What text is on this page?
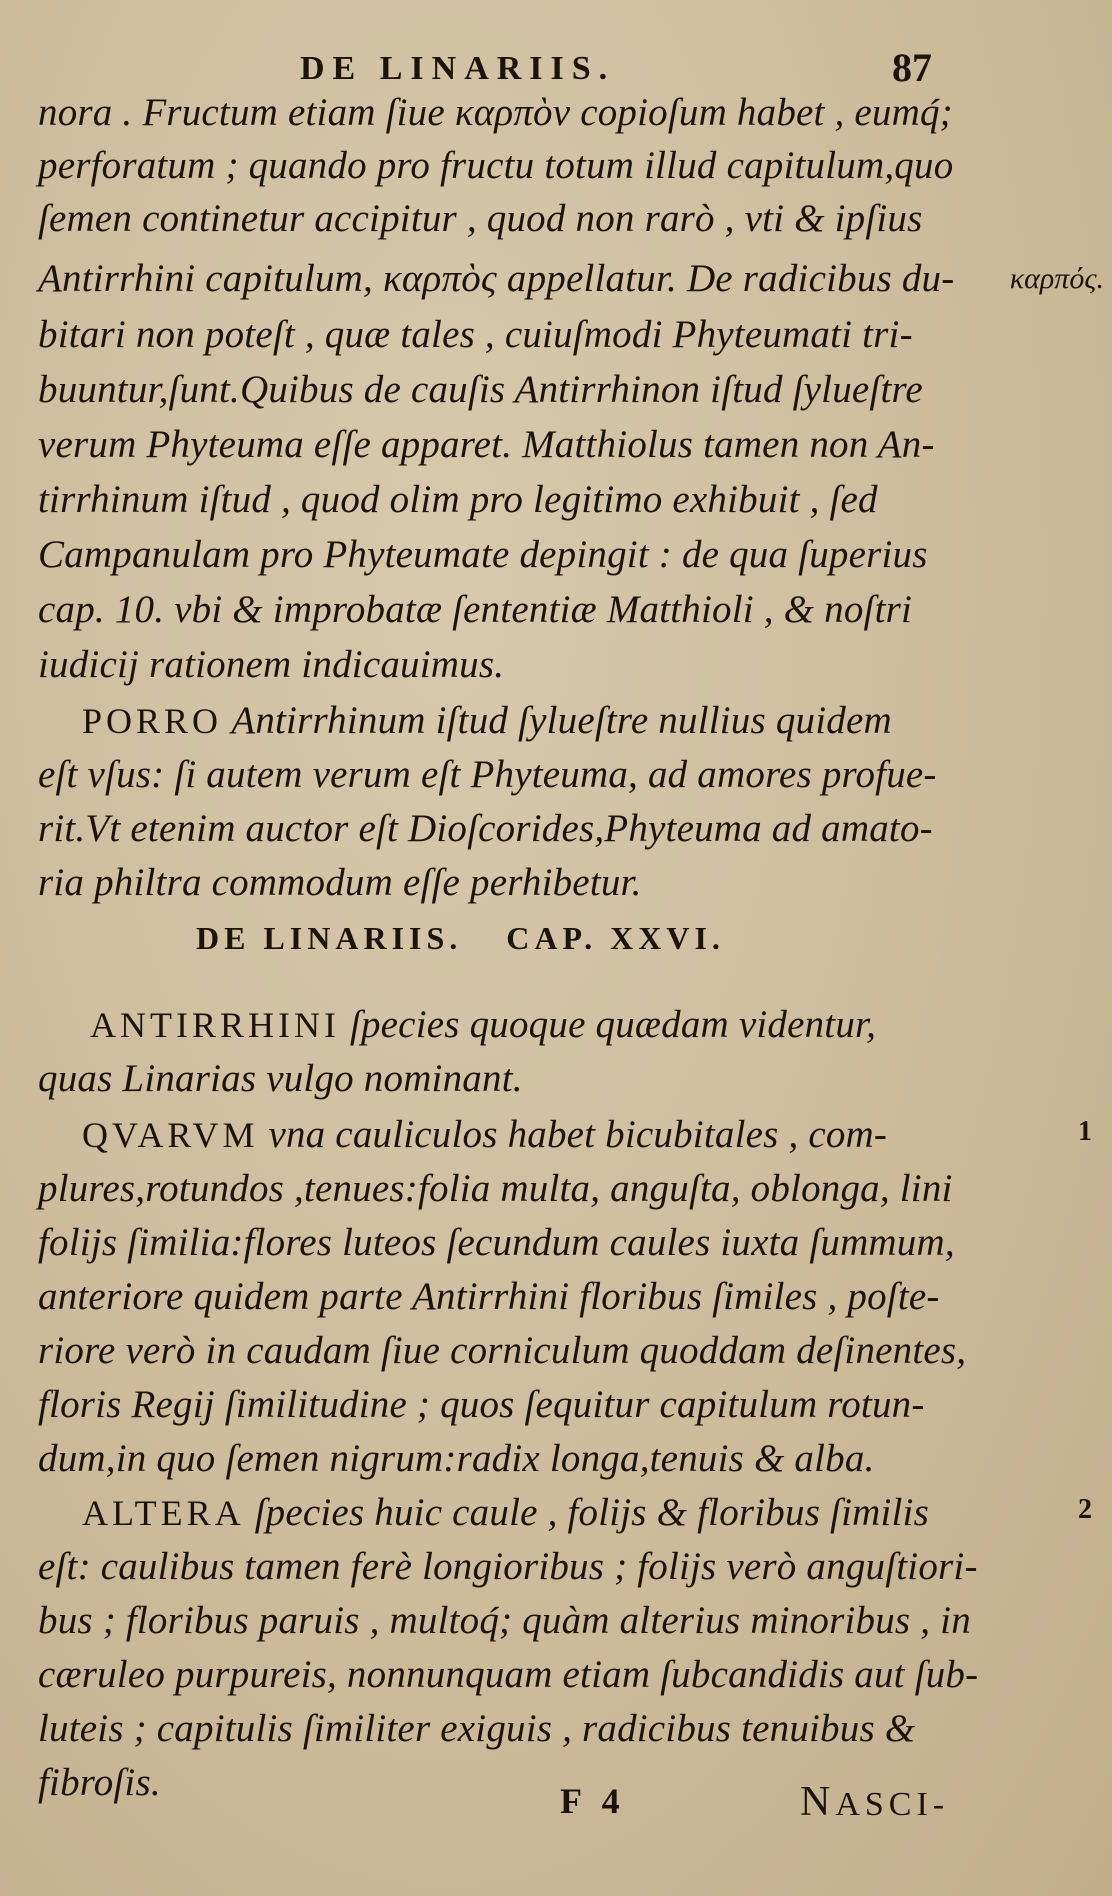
DE LINARIIS.	87
nora . Fructum etiam ſiue καρπὸν copioſum habet , eumq́;
perforatum ; quando pro fructu totum illud capitulum,quo
ſemen continetur accipitur , quod non rarò , vti & ipſius
Antirrhini capitulum, καρπὸς appellatur. De radicibus du- καρπός.
bitari non poteſt , quæ tales , cuiuſmodi Phyteumati tri-
buuntur,ſunt.Quibus de cauſis Antirrhinon iſtud ſylueſtre
verum Phyteuma eſſe apparet. Matthiolus tamen non An-
tirrhinum iſtud , quod olim pro legitimo exhibuit , ſed
Campanulam pro Phyteumate depingit : de qua ſuperius
cap. 10. vbi & improbatæ ſententiæ Matthioli , & noſtri
iudicij rationem indicauimus.
PORRO Antirrhinum iſtud ſylueſtre nullius quidem
eſt vſus: ſi autem verum eſt Phyteuma, ad amores profue-
rit.Vt etenim auctor eſt Dioſcorides,Phyteuma ad amato-
ria philtra commodum eſſe perhibetur.
DE LINARIIS. CAP. XXVI.
ANTIRRHINI ſpecies quoque quædam videntur,
quas Linarias vulgo nominant.
QVARVM vna cauliculos habet bicubitales , com-	1
plures,rotundos ,tenues:folia multa, anguſta, oblonga, lini
folijs ſimilia:flores luteos ſecundum caules iuxta ſummum,
anteriore quidem parte Antirrhini floribus ſimiles , poſte-
riore verò in caudam ſiue corniculum quoddam deſinentes,
floris Regij ſimilitudine ; quos ſequitur capitulum rotun-
dum,in quo ſemen nigrum:radix longa,tenuis & alba.
ALTERA ſpecies huic caule , folijs & floribus ſimilis	2
eſt: caulibus tamen ferè longioribus ; folijs verò anguſtiori-
bus ; floribus paruis , multoq́; quàm alterius minoribus , in
cæruleo purpureis, nonnunquam etiam ſubcandidis aut ſub-
luteis ; capitulis ſimiliter exiguis , radicibus tenuibus &
fibroſis.	F 4	NASCI-
